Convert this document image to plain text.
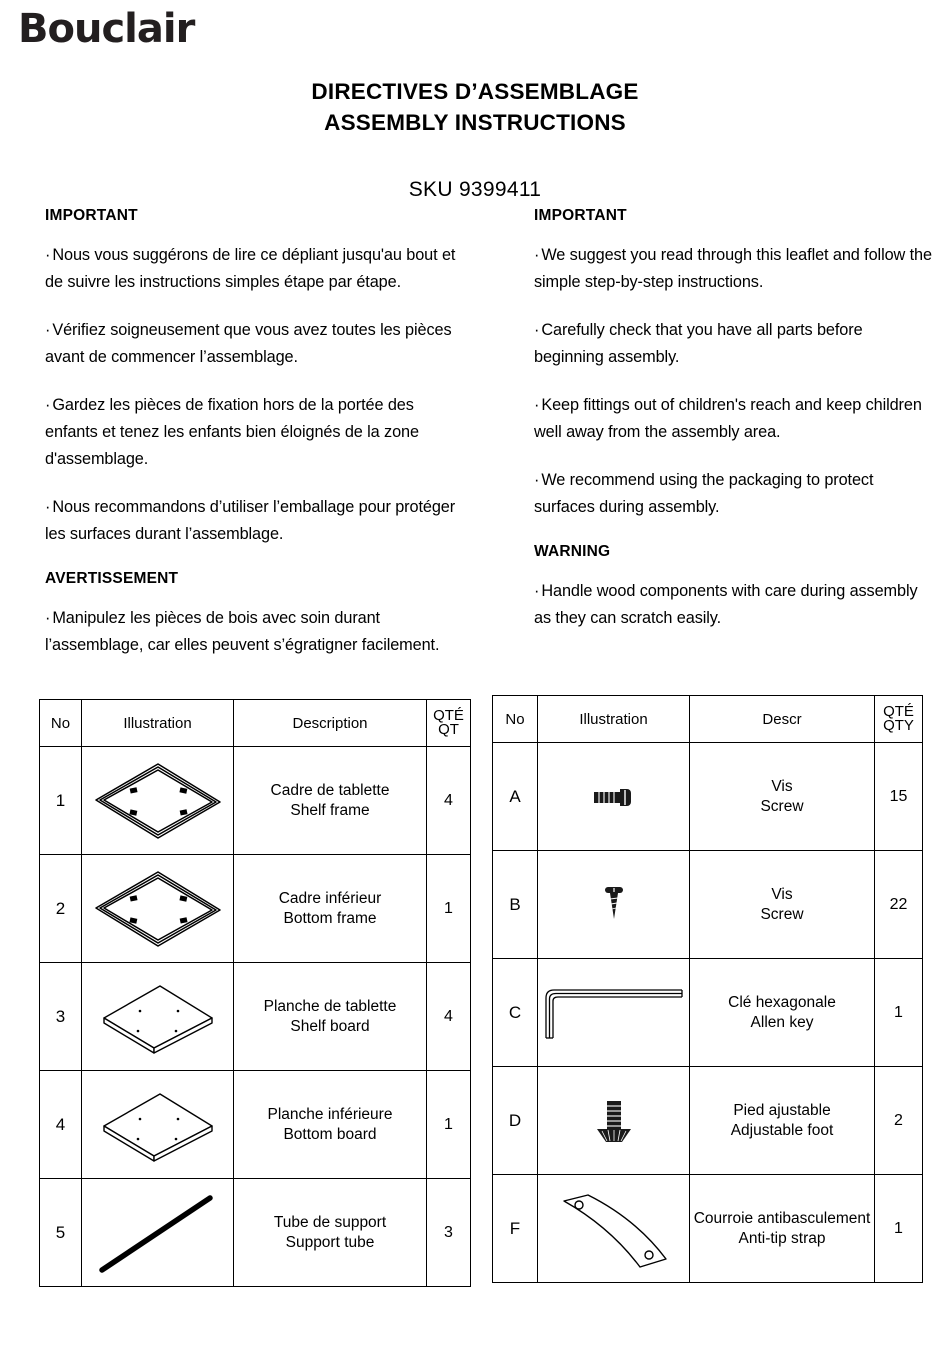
Bouclair
DIRECTIVES D’ASSEMBLAGE
ASSEMBLY INSTRUCTIONS
SKU 9399411
IMPORTANT

· Nous vous suggérons de lire ce dépliant jusqu'au bout et de suivre les instructions simples étape par étape.

· Vérifiez soigneusement que vous avez toutes les pièces avant de commencer l’assemblage.

· Gardez les pièces de fixation hors de la portée des enfants et tenez les enfants bien éloignés de la zone d'assemblage.

· Nous recommandons d’utiliser l’emballage pour protéger les surfaces durant l’assemblage.

AVERTISSEMENT

· Manipulez les pièces de bois avec soin durant l’assemblage, car elles peuvent s’égratigner facilement.

IMPORTANT

· We suggest you read through this leaflet and follow the simple step-by-step instructions.

· Carefully check that you have all parts before beginning assembly.

· Keep fittings out of children's reach and keep children well away from the assembly area.

· We recommend using the packaging to protect surfaces during assembly.

WARNING

· Handle wood components with care during assembly as they can scratch easily.

No	Illustration	Description	QTÉ
QT

1		Cadre de tablette
Shelf frame	4
2		Cadre inférieur
Bottom frame	1
3		Planche de tablette
Shelf board	4
4		Planche inférieure
Bottom board	1
5		Tube de support
Support tube	3
No	Illustration	Descr	QTÉ
QTY

A		Vis
Screw	15
B		Vis
Screw	22
C		Clé hexagonale
Allen key	1
D		Pied ajustable
Adjustable foot	2
F		Courroie antibasculement
Anti-tip strap	1
